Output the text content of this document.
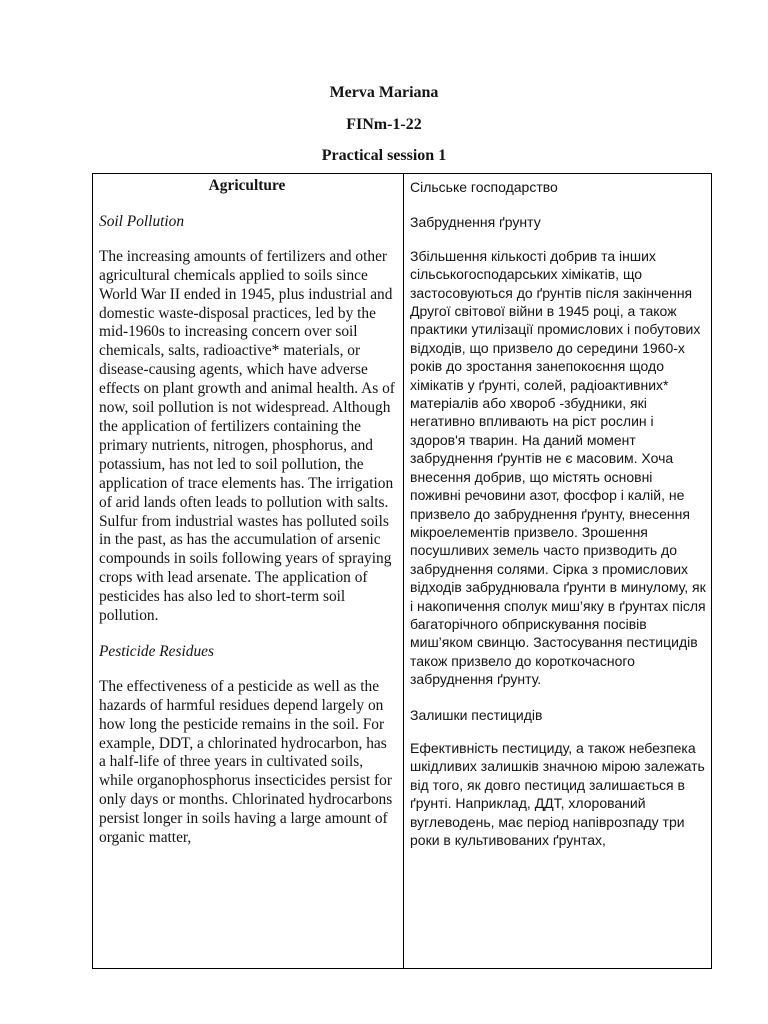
Merva Mariana
FINm-1-22
Practical session 1

Agriculture

Soil Pollution

The increasing amounts of fertilizers and other agricultural chemicals applied to soils since World War II ended in 1945, plus industrial and domestic waste-disposal practices, led by the mid-1960s to increasing concern over soil chemicals, salts, radioactive* materials, or disease-causing agents, which have adverse effects on plant growth and animal health. As of now, soil pollution is not widespread. Although the application of fertilizers containing the primary nutrients, nitrogen, phosphorus, and potassium, has not led to soil pollution, the application of trace elements has. The irrigation of arid lands often leads to pollution with salts. Sulfur from industrial wastes has polluted soils in the past, as has the accumulation of arsenic compounds in soils following years of spraying crops with lead arsenate. The application of pesticides has also led to short-term soil pollution.

Pesticide Residues

The effectiveness of a pesticide as well as the hazards of harmful residues depend largely on how long the pesticide remains in the soil. For example, DDT, a chlorinated hydrocarbon, has a half-life of three years in cultivated soils, while organophosphorus insecticides persist for only days or months. Chlorinated hydrocarbons persist longer in soils having a large amount of organic matter,

Сільське господарство

Забруднення ґрунту

Збільшення кількості добрив та інших сільськогосподарських хімікатів, що застосовуються до ґрунтів після закінчення Другої світової війни в 1945 році, а також практики утилізації промислових і побутових відходів, що призвело до середини 1960-х років до зростання занепокоєння щодо хімікатів у ґрунті, солей, радіоактивних* матеріалів або хвороб -збудники, які негативно впливають на ріст рослин і здоров'я тварин. На даний момент забруднення ґрунтів не є масовим. Хоча внесення добрив, що містять основні поживні речовини азот, фосфор і калій, не призвело до забруднення ґрунту, внесення мікроелементів призвело. Зрошення посушливих земель часто призводить до забруднення солями. Сірка з промислових відходів забруднювала ґрунти в минулому, як і накопичення сполук миш’яку в ґрунтах після багаторічного обприскування посівів миш’яком свинцю. Застосування пестицидів також призвело до короткочасного забруднення ґрунту.

Залишки пестицидів

Ефективність пестициду, а також небезпека шкідливих залишків значною мірою залежать від того, як довго пестицид залишається в ґрунті. Наприклад, ДДТ, хлорований вуглеводень, має період напіврозпаду три роки в культивованих ґрунтах,
